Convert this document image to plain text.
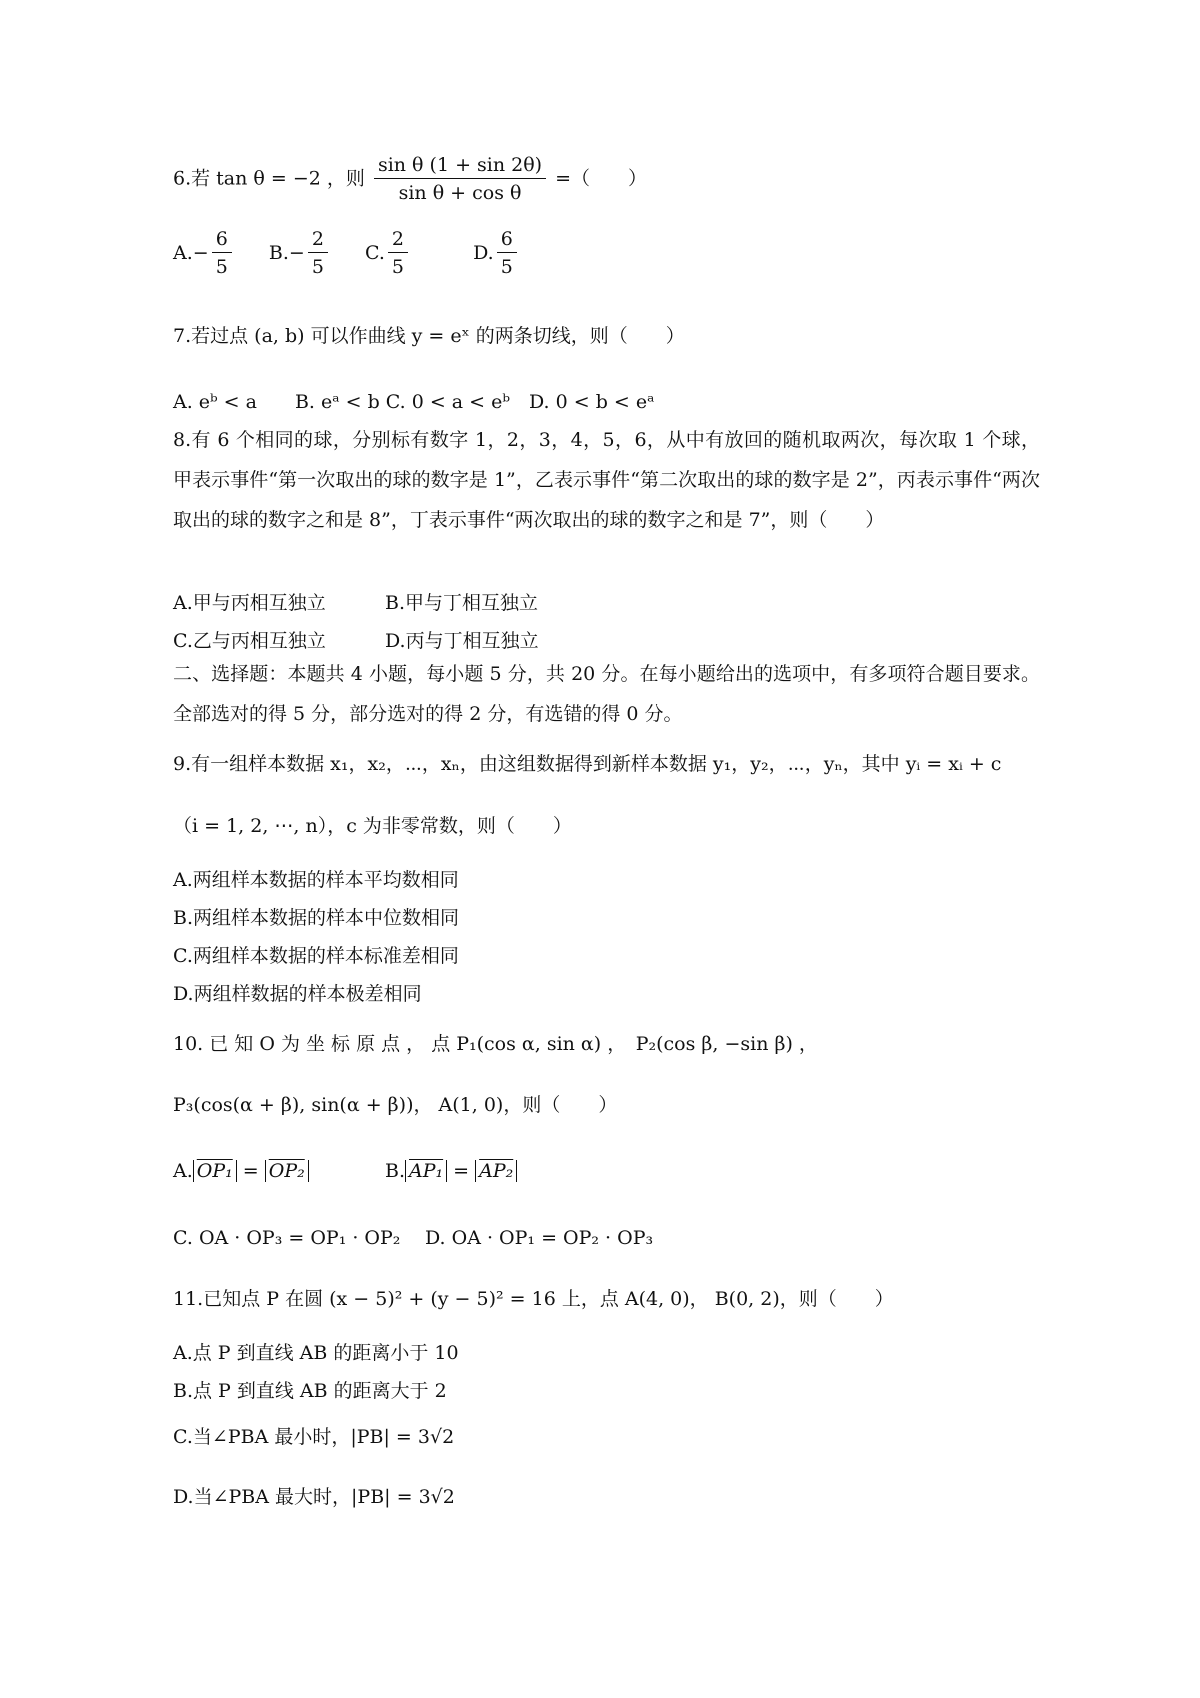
6.若 tan θ = −2 ，则 $\frac{\text{sin θ (1 + sin 2θ)}}{\text{sin θ + cos θ}}$ =（　　）
$A.- \frac{6}{5} B.- \frac{2}{5} C$. $\frac{2}{5}$	D. $\frac{6}{5}$
7.若过点 (a, b) 可以作曲线 y = eˣ 的两条切线，则（　　）
A. eᵇ < a　　B. eᵃ < b C. 0 < a < eᵇ　D. 0 < b < eᵃ
8.有 6 个相同的球，分别标有数字 1，2，3，4，5，6，从中有放回的随机取两次，每次取 1 个球，甲表示事件“第一次取出的球的数字是 1”，乙表示事件“第二次取出的球的数字是 2”，丙表示事件“两次取出的球的数字之和是 8”，丁表示事件“两次取出的球的数字之和是 7”，则（　　）
A.甲与丙相互独立	B.甲与丁相互独立
C.乙与丙相互独立	D.丙与丁相互独立
二、选择题：本题共 4 小题，每小题 5 分，共 20 分。在每小题给出的选项中，有多项符合题目要求。全部选对的得 5 分，部分选对的得 2 分，有选错的得 0 分。
9.有一组样本数据 x₁，x₂，⋯，xₙ，由这组数据得到新样本数据 y₁，y₂，⋯，yₙ，其中 yᵢ = xᵢ + c
（i = 1, 2, ⋯, n），c 为非零常数，则（　　）
A.两组样本数据的样本平均数相同
B.两组样本数据的样本中位数相同
C.两组样本数据的样本标准差相同
D.两组样数据的样本极差相同
10. 已 知 O 为 坐 标 原 点 ， 点 P₁(cos α, sin α) ，　P₂(cos β, −sin β) ，
P₃(cos(α + β), sin(α + β))， A(1, 0)，则（　　）
A. OP₁ = OP₂	B. AP₁ = AP₂
C. OA · OP₃ = OP₁ · OP₂ D. OA · OP₁ = OP₂ · OP₃
11.已知点 P 在圆 (x − 5)² + (y − 5)² = 16 上，点 A(4, 0)， B(0, 2)，则（　　）
A.点 P 到直线 AB 的距离小于 10
B.点 P 到直线 AB 的距离大于 2
C.当∠PBA 最小时，|PB| = 3√2
D.当∠PBA 最大时，|PB| = 3√2
